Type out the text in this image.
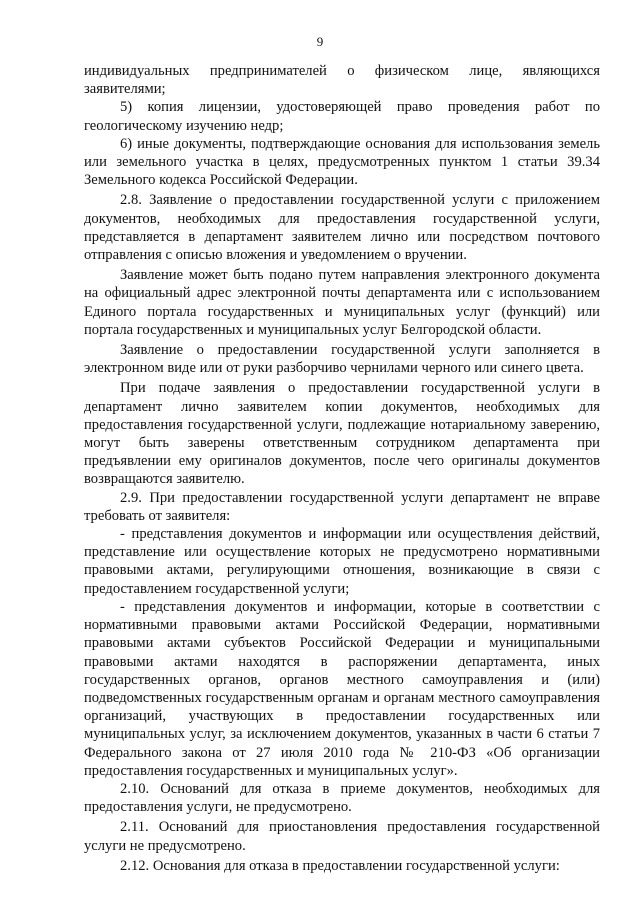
9

индивидуальных предпринимателей о физическом лице, являющихся заявителями;

5) копия лицензии, удостоверяющей право проведения работ по геологическому изучению недр;

6) иные документы, подтверждающие основания для использования земель или земельного участка в целях, предусмотренных пунктом 1 статьи 39.34 Земельного кодекса Российской Федерации.

2.8. Заявление о предоставлении государственной услуги с приложением документов, необходимых для предоставления государственной услуги, представляется в департамент заявителем лично или посредством почтового отправления с описью вложения и уведомлением о вручении.

Заявление может быть подано путем направления электронного документа на официальный адрес электронной почты департамента или с использованием Единого портала государственных и муниципальных услуг (функций) или портала государственных и муниципальных услуг Белгородской области.

Заявление о предоставлении государственной услуги заполняется в электронном виде или от руки разборчиво чернилами черного или синего цвета.

При подаче заявления о предоставлении государственной услуги в департамент лично заявителем копии документов, необходимых для предоставления государственной услуги, подлежащие нотариальному заверению, могут быть заверены ответственным сотрудником департамента при предъявлении ему оригиналов документов, после чего оригиналы документов возвращаются заявителю.

2.9. При предоставлении государственной услуги департамент не вправе требовать от заявителя:

- представления документов и информации или осуществления действий, представление или осуществление которых не предусмотрено нормативными правовыми актами, регулирующими отношения, возникающие в связи с предоставлением государственной услуги;

- представления документов и информации, которые в соответствии с нормативными правовыми актами Российской Федерации, нормативными правовыми актами субъектов Российской Федерации и муниципальными правовыми актами находятся в распоряжении департамента, иных государственных органов, органов местного самоуправления и (или) подведомственных государственным органам и органам местного самоуправления организаций, участвующих в предоставлении государственных или муниципальных услуг, за исключением документов, указанных в части 6 статьи 7 Федерального закона от 27 июля 2010 года № 210-ФЗ «Об организации предоставления государственных и муниципальных услуг».

2.10. Оснований для отказа в приеме документов, необходимых для предоставления услуги, не предусмотрено.

2.11. Оснований для приостановления предоставления государственной услуги не предусмотрено.

2.12. Основания для отказа в предоставлении государственной услуги:
